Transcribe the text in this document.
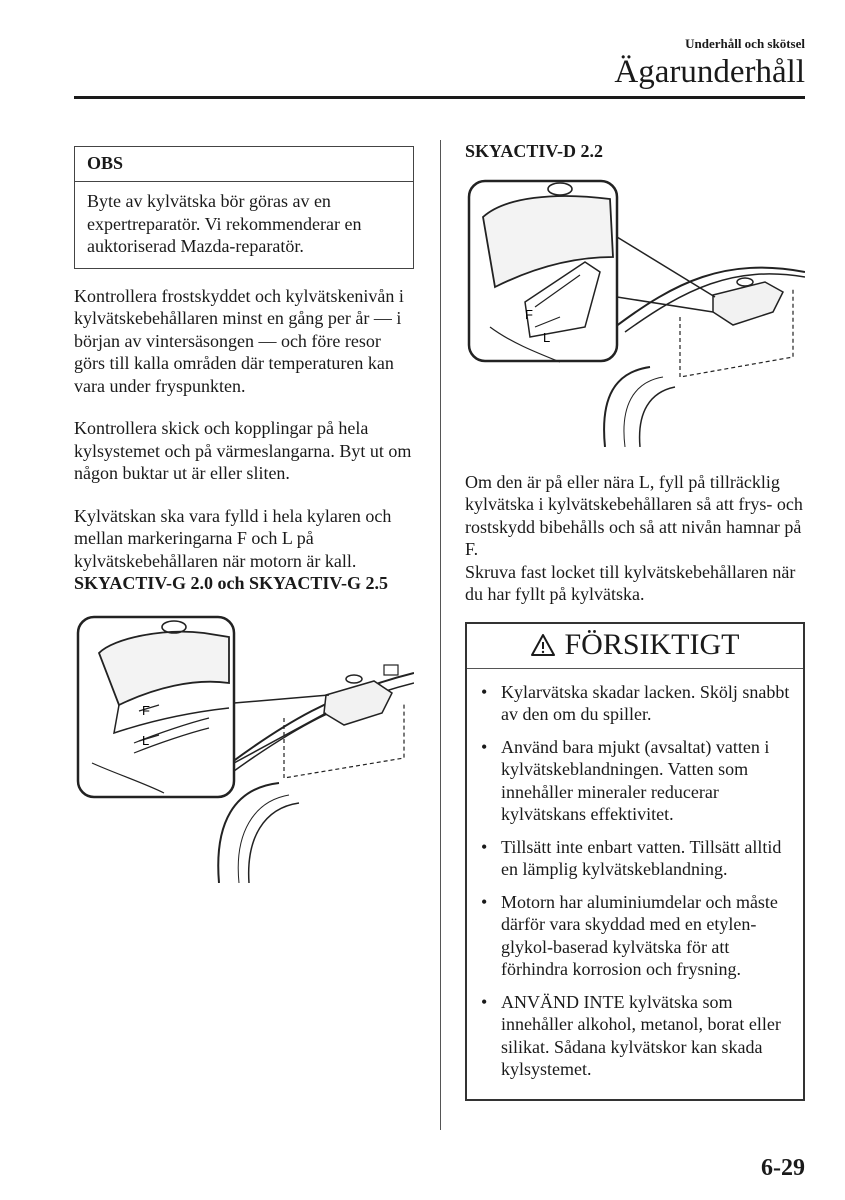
Underhåll och skötsel
Ägarunderhåll
OBS
Byte av kylvätska bör göras av en expertreparatör. Vi rekommenderar en auktoriserad Mazda-reparatör.

Kontrollera frostskyddet och kylvätskenivån i kylvätskebehållaren minst en gång per år — i början av vintersäsongen — och före resor görs till kalla områden där temperaturen kan vara under fryspunkten.

Kontrollera skick och kopplingar på hela kylsystemet och på värmeslangarna. Byt ut om någon buktar ut är eller sliten.

Kylvätskan ska vara fylld i hela kylaren och mellan markeringarna F och L på kylvätskebehållaren när motorn är kall.

SKYACTIV-G 2.0 och SKYACTIV-G 2.5

F
L

SKYACTIV-D 2.2

F
L

Om den är på eller nära L, fyll på tillräcklig kylvätska i kylvätskebehållaren så att frys- och rostskydd bibehålls och så att nivån hamnar på F.

Skruva fast locket till kylvätskebehållaren när du har fyllt på kylvätska.

FÖRSIKTIGT
• Kylarvätska skadar lacken. Skölj snabbt av den om du spiller.
• Använd bara mjukt (avsaltat) vatten i kylvätskeblandningen. Vatten som innehåller mineraler reducerar kylvätskans effektivitet.
• Tillsätt inte enbart vatten. Tillsätt alltid en lämplig kylvätskeblandning.
• Motorn har aluminiumdelar och måste därför vara skyddad med en etylen-glykol-baserad kylvätska för att förhindra korrosion och frysning.
• ANVÄND INTE kylvätska som innehåller alkohol, metanol, borat eller silikat. Sådana kylvätskor kan skada kylsystemet.
6-29
